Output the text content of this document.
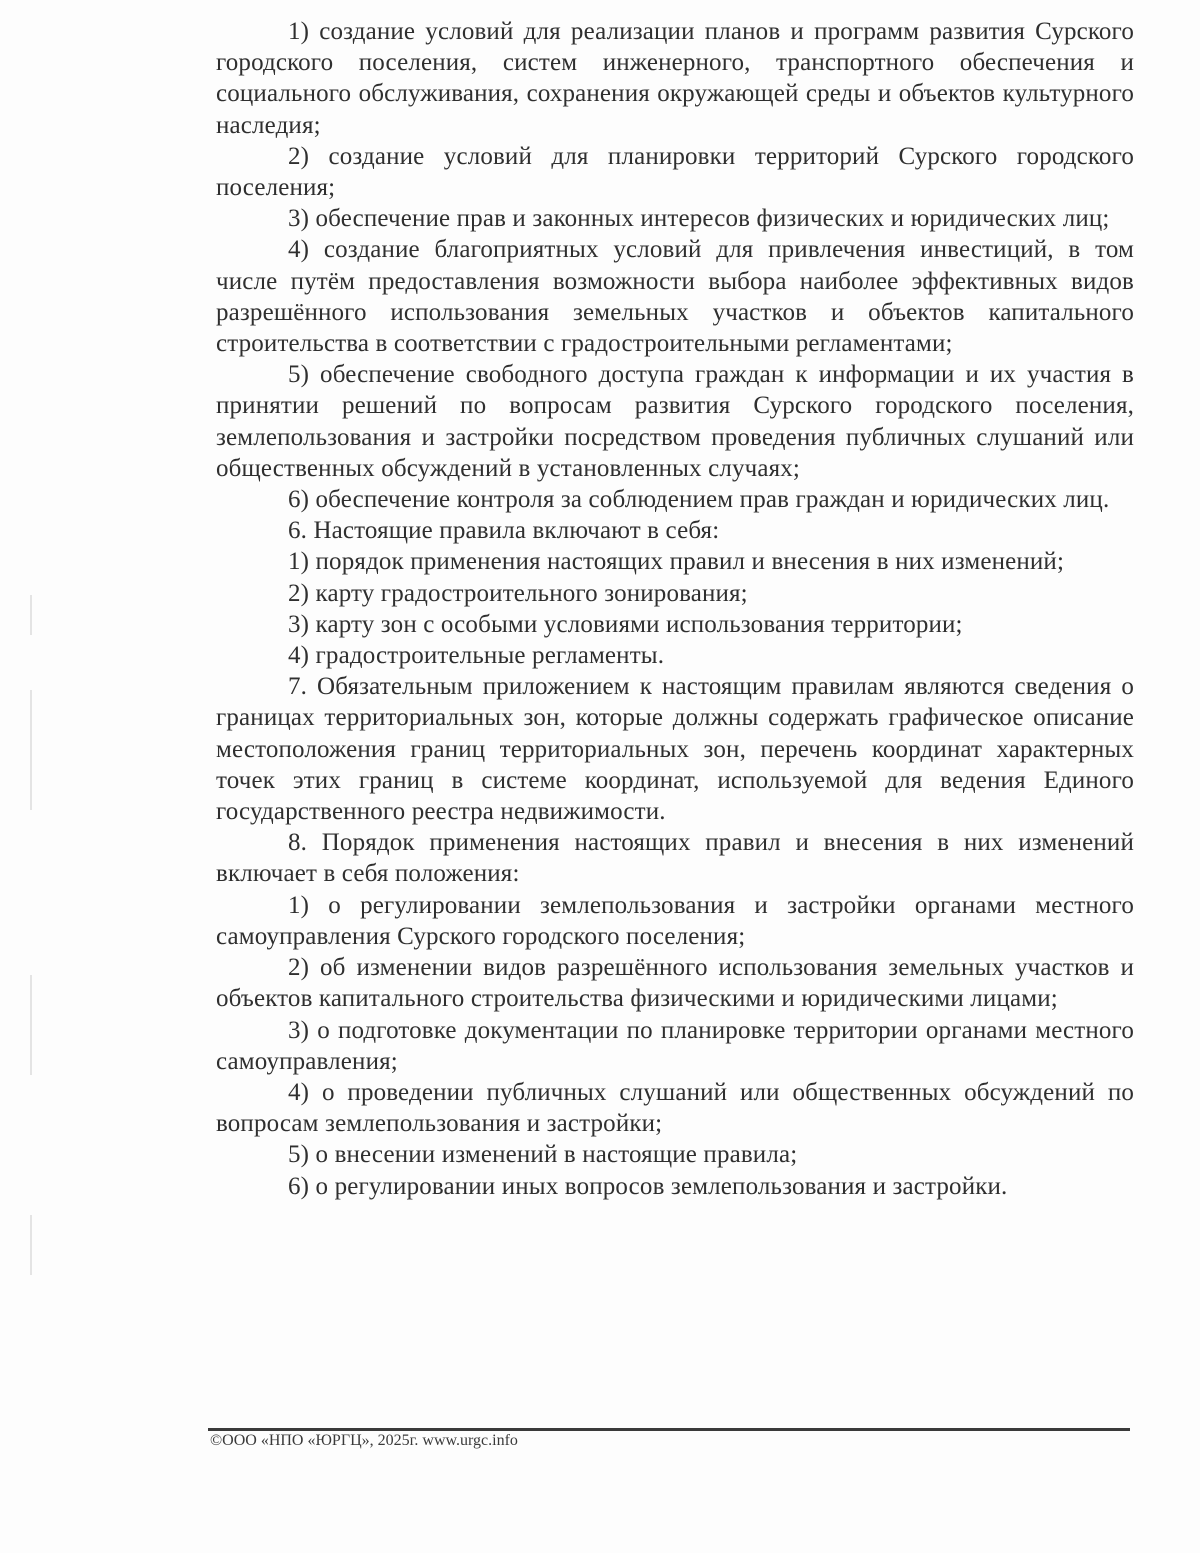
1) создание условий для реализации планов и программ развития Сурского городского поселения, систем инженерного, транспортного обеспечения и социального обслуживания, сохранения окружающей среды и объектов культурного наследия;

2) создание условий для планировки территорий Сурского городского поселения;

3) обеспечение прав и законных интересов физических и юридических лиц;

4) создание благоприятных условий для привлечения инвестиций, в том числе путём предоставления возможности выбора наиболее эффективных видов разрешённого использования земельных участков и объектов капитального строительства в соответствии с градостроительными регламентами;

5) обеспечение свободного доступа граждан к информации и их участия в принятии решений по вопросам развития Сурского городского поселения, землепользования и застройки посредством проведения публичных слушаний или общественных обсуждений в установленных случаях;

6) обеспечение контроля за соблюдением прав граждан и юридических лиц.

6. Настоящие правила включают в себя:

1) порядок применения настоящих правил и внесения в них изменений;

2) карту градостроительного зонирования;

3) карту зон с особыми условиями использования территории;

4) градостроительные регламенты.

7. Обязательным приложением к настоящим правилам являются сведения о границах территориальных зон, которые должны содержать графическое описание местоположения границ территориальных зон, перечень координат характерных точек этих границ в системе координат, используемой для ведения Единого государственного реестра недвижимости.

8. Порядок применения настоящих правил и внесения в них изменений включает в себя положения:

1) о регулировании землепользования и застройки органами местного самоуправления Сурского городского поселения;

2) об изменении видов разрешённого использования земельных участков и объектов капитального строительства физическими и юридическими лицами;

3) о подготовке документации по планировке территории органами местного самоуправления;

4) о проведении публичных слушаний или общественных обсуждений по вопросам землепользования и застройки;

5) о внесении изменений в настоящие правила;

6) о регулировании иных вопросов землепользования и застройки.

©ООО «НПО «ЮРГЦ», 2025г. www.urgc.info
